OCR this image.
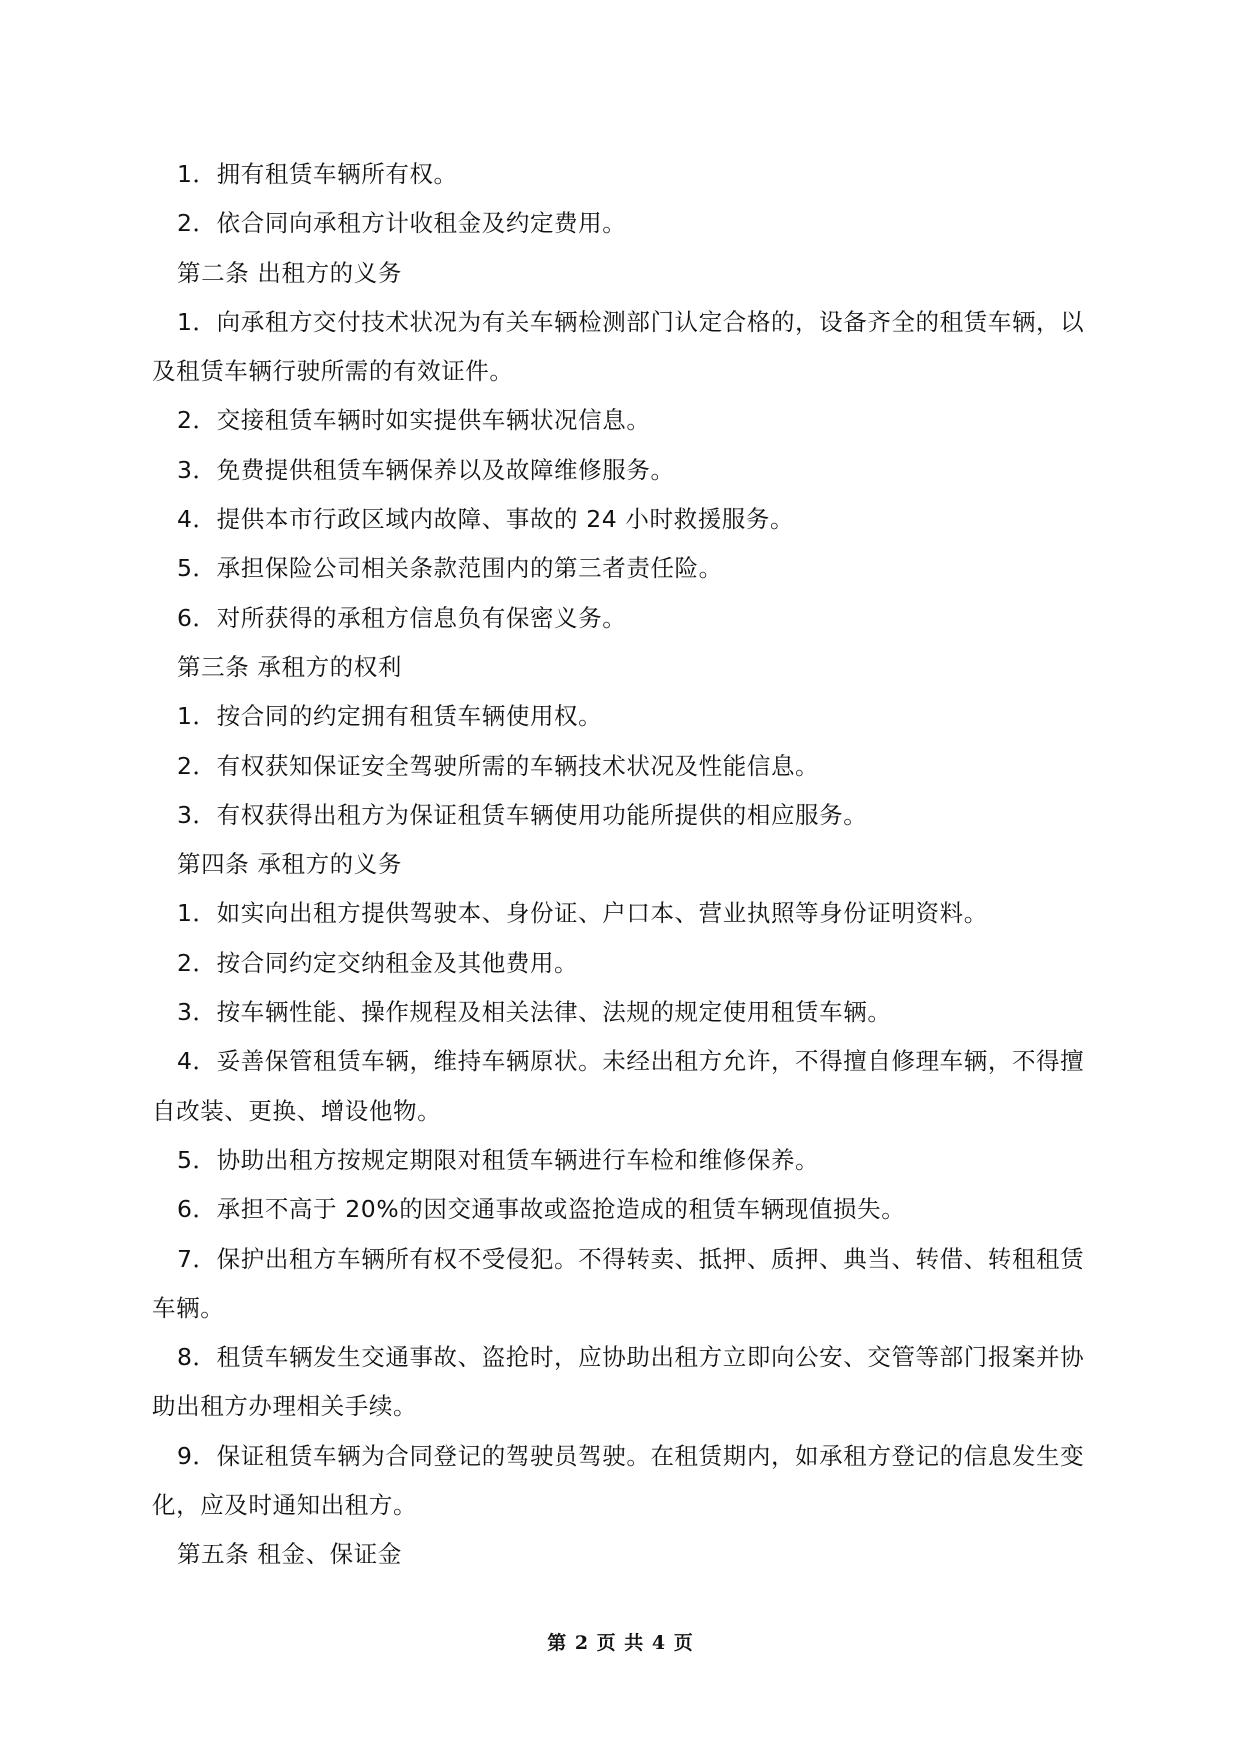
1．拥有租赁车辆所有权。

2．依合同向承租方计收租金及约定费用。

第二条 出租方的义务

1．向承租方交付技术状况为有关车辆检测部门认定合格的，设备齐全的租赁车辆，以及租赁车辆行驶所需的有效证件。

2．交接租赁车辆时如实提供车辆状况信息。

3．免费提供租赁车辆保养以及故障维修服务。

4．提供本市行政区域内故障、事故的 24 小时救援服务。

5．承担保险公司相关条款范围内的第三者责任险。

6．对所获得的承租方信息负有保密义务。

第三条 承租方的权利

1．按合同的约定拥有租赁车辆使用权。

2．有权获知保证安全驾驶所需的车辆技术状况及性能信息。

3．有权获得出租方为保证租赁车辆使用功能所提供的相应服务。

第四条 承租方的义务

1．如实向出租方提供驾驶本、身份证、户口本、营业执照等身份证明资料。

2．按合同约定交纳租金及其他费用。

3．按车辆性能、操作规程及相关法律、法规的规定使用租赁车辆。

4．妥善保管租赁车辆，维持车辆原状。未经出租方允许，不得擅自修理车辆，不得擅自改装、更换、增设他物。

5．协助出租方按规定期限对租赁车辆进行车检和维修保养。

6．承担不高于 20%的因交通事故或盗抢造成的租赁车辆现值损失。

7．保护出租方车辆所有权不受侵犯。不得转卖、抵押、质押、典当、转借、转租租赁车辆。

8．租赁车辆发生交通事故、盗抢时，应协助出租方立即向公安、交管等部门报案并协助出租方办理相关手续。

9．保证租赁车辆为合同登记的驾驶员驾驶。在租赁期内，如承租方登记的信息发生变化，应及时通知出租方。

第五条 租金、保证金

第 2 页 共 4 页
